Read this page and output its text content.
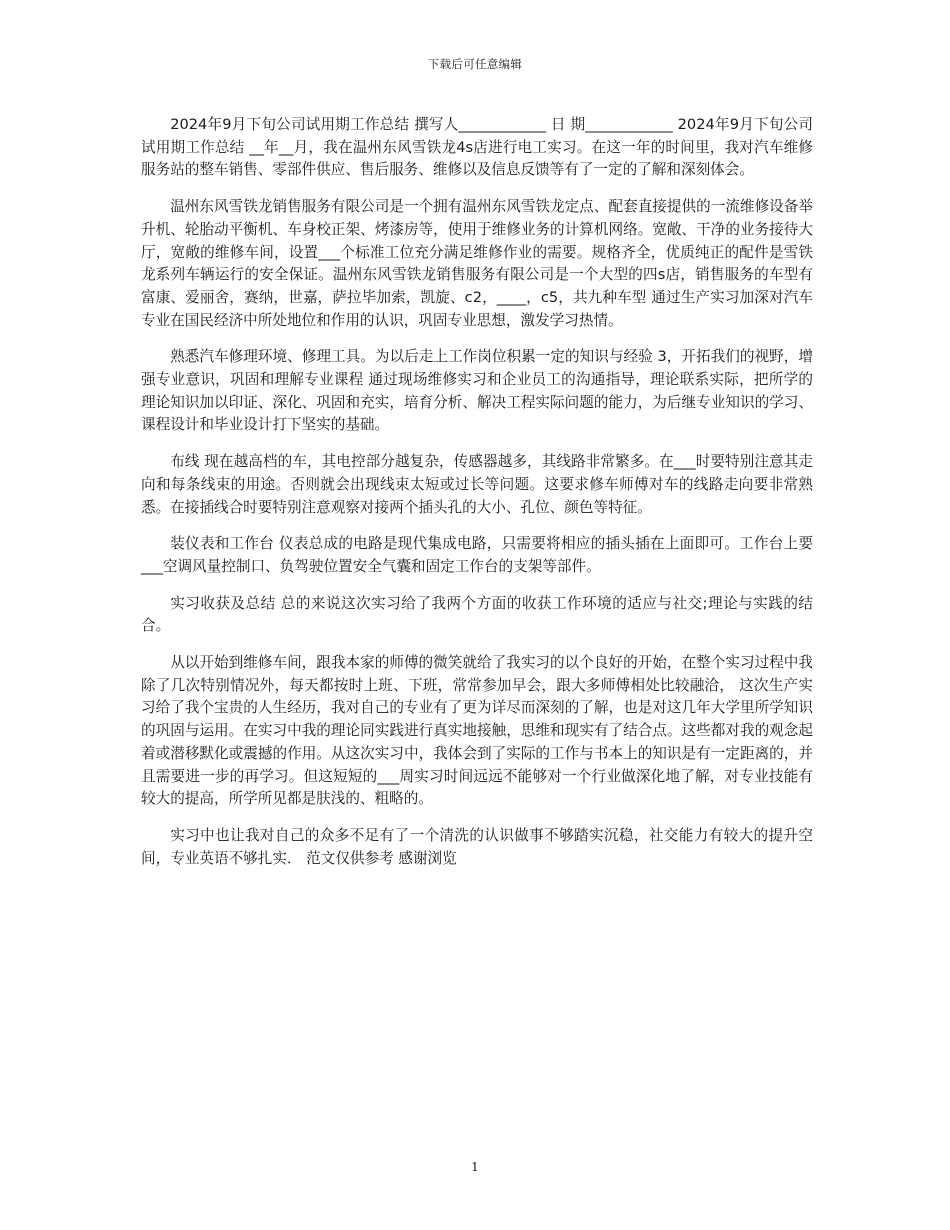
下载后可任意编辑

2024年9月下旬公司试用期工作总结 撰写人____________ 日 期____________ 2024年9月下旬公司试用期工作总结 __年__月，我在温州东风雪铁龙4s店进行电工实习。在这一年的时间里，我对汽车维修服务站的整车销售、零部件供应、售后服务、维修以及信息反馈等有了一定的了解和深刻体会。

温州东风雪铁龙销售服务有限公司是一个拥有温州东风雪铁龙定点、配套直接提供的一流维修设备举升机、轮胎动平衡机、车身校正架、烤漆房等，使用于维修业务的计算机网络。宽敞、干净的业务接待大厅，宽敞的维修车间，设置___个标准工位充分满足维修作业的需要。规格齐全，优质纯正的配件是雪铁龙系列车辆运行的安全保证。温州东风雪铁龙销售服务有限公司是一个大型的四s店，销售服务的车型有富康、爱丽舍，赛纳，世嘉，萨拉毕加索，凯旋、c2，____，c5，共九种车型 通过生产实习加深对汽车专业在国民经济中所处地位和作用的认识，巩固专业思想，激发学习热情。

熟悉汽车修理环境、修理工具。为以后走上工作岗位积累一定的知识与经验 3，开拓我们的视野，增强专业意识，巩固和理解专业课程 通过现场维修实习和企业员工的沟通指导，理论联系实际，把所学的理论知识加以印证、深化、巩固和充实，培育分析、解决工程实际问题的能力，为后继专业知识的学习、课程设计和毕业设计打下坚实的基础。

布线 现在越高档的车，其电控部分越复杂，传感器越多，其线路非常繁多。在___时要特别注意其走向和每条线束的用途。否则就会出现线束太短或过长等问题。这要求修车师傅对车的线路走向要非常熟悉。在接插线合时要特别注意观察对接两个插头孔的大小、孔位、颜色等特征。

装仪表和工作台 仪表总成的电路是现代集成电路，只需要将相应的插头插在上面即可。工作台上要___空调风量控制口、负驾驶位置安全气囊和固定工作台的支架等部件。

实习收获及总结 总的来说这次实习给了我两个方面的收获工作环境的适应与社交;理论与实践的结合。

从以开始到维修车间，跟我本家的师傅的微笑就给了我实习的以个良好的开始，在整个实习过程中我除了几次特别情况外，每天都按时上班、下班，常常参加早会，跟大多师傅相处比较融洽， 这次生产实习给了我个宝贵的人生经历，我对自己的专业有了更为详尽而深刻的了解，也是对这几年大学里所学知识的巩固与运用。在实习中我的理论同实践进行真实地接触，思维和现实有了结合点。这些都对我的观念起着或潜移默化或震撼的作用。从这次实习中，我体会到了实际的工作与书本上的知识是有一定距离的，并且需要进一步的再学习。但这短短的___周实习时间远远不能够对一个行业做深化地了解，对专业技能有较大的提高，所学所见都是肤浅的、粗略的。

实习中也让我对自己的众多不足有了一个清洗的认识做事不够踏实沉稳，社交能力有较大的提升空间，专业英语不够扎实． 范文仅供参考 感谢浏览

1
